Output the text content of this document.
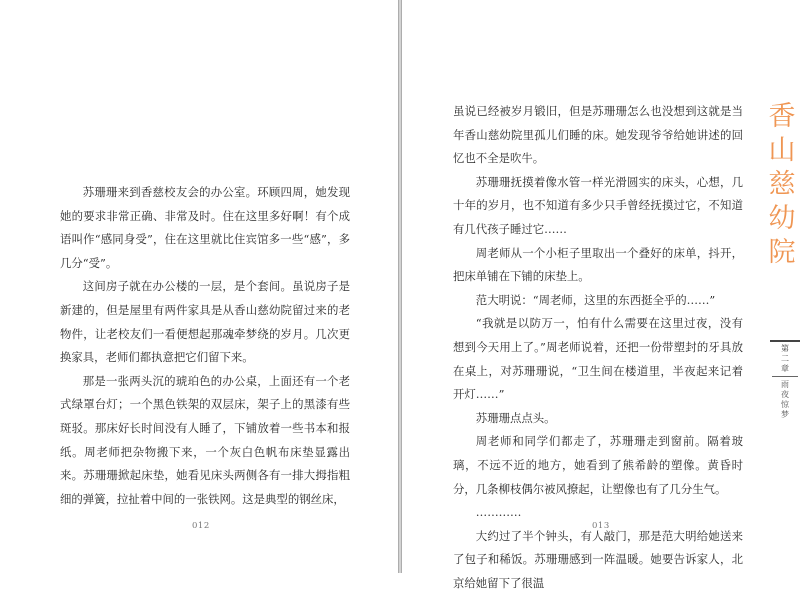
苏珊珊来到香慈校友会的办公室。环顾四周，她发现她的要求非常正确、非常及时。住在这里多好啊！有个成语叫作“感同身受”，住在这里就比住宾馆多一些“感”，多几分“受”。

这间房子就在办公楼的一层，是个套间。虽说房子是新建的，但是屋里有两件家具是从香山慈幼院留过来的老物件，让老校友们一看便想起那魂牵梦绕的岁月。几次更换家具，老师们都执意把它们留下来。

那是一张两头沉的琥珀色的办公桌，上面还有一个老式绿罩台灯；一个黑色铁架的双层床，架子上的黑漆有些斑驳。那床好长时间没有人睡了，下铺放着一些书本和报纸。周老师把杂物搬下来，一个灰白色帆布床垫显露出来。苏珊珊掀起床垫，她看见床头两侧各有一排大拇指粗细的弹簧，拉扯着中间的一张铁网。这是典型的钢丝床，

012

虽说已经被岁月锻旧，但是苏珊珊怎么也没想到这就是当年香山慈幼院里孤儿们睡的床。她发现爷爷给她讲述的回忆也不全是吹牛。

苏珊珊抚摸着像水管一样光滑圆实的床头，心想，几十年的岁月，也不知道有多少只手曾经抚摸过它，不知道有几代孩子睡过它……

周老师从一个小柜子里取出一个叠好的床单，抖开，把床单铺在下铺的床垫上。

范大明说：“周老师，这里的东西挺全乎的……”

“我就是以防万一，怕有什么需要在这里过夜，没有想到今天用上了。”周老师说着，还把一份带塑封的牙具放在桌上，对苏珊珊说，“卫生间在楼道里，半夜起来记着开灯……”

苏珊珊点点头。

周老师和同学们都走了，苏珊珊走到窗前。隔着玻璃，不远不近的地方，她看到了熊希龄的塑像。黄昏时分，几条柳枝偶尔被风撩起，让塑像也有了几分生气。

…………

大约过了半个钟头，有人敲门，那是范大明给她送来了包子和稀饭。苏珊珊感到一阵温暖。她要告诉家人，北京给她留下了很温

013
香山慈幼院
第二章
雨夜惊梦
